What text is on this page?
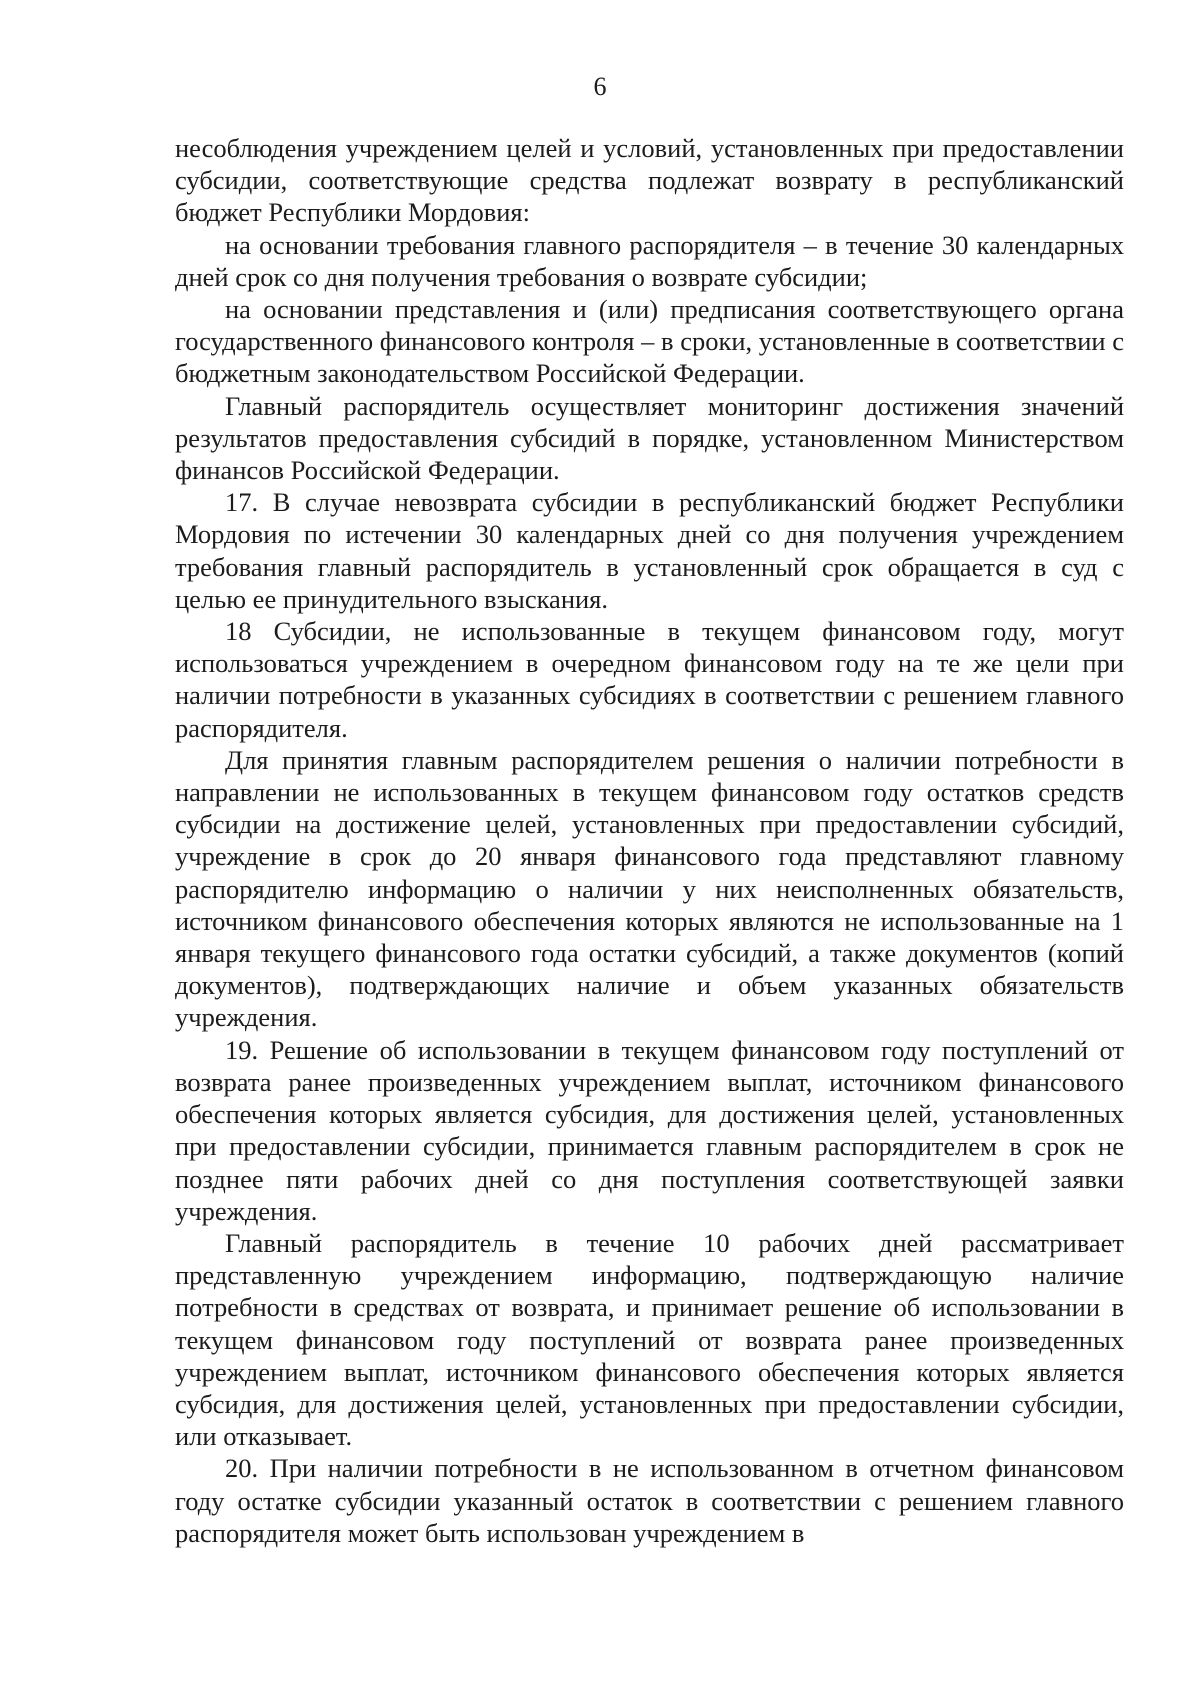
6

несоблюдения учреждением целей и условий, установленных при предоставлении субсидии, соответствующие средства подлежат возврату в республиканский бюджет Республики Мордовия:

на основании требования главного распорядителя – в течение 30 календарных дней срок со дня получения требования о возврате субсидии;

на основании представления и (или) предписания соответствующего органа государственного финансового контроля – в сроки, установленные в соответствии с бюджетным законодательством Российской Федерации.

Главный распорядитель осуществляет мониторинг достижения значений результатов предоставления субсидий в порядке, установленном Министерством финансов Российской Федерации.

17. В случае невозврата субсидии в республиканский бюджет Республики Мордовия по истечении 30 календарных дней со дня получения учреждением требования главный распорядитель в установленный срок обращается в суд с целью ее принудительного взыскания.

18 Субсидии, не использованные в текущем финансовом году, могут использоваться учреждением в очередном финансовом году на те же цели при наличии потребности в указанных субсидиях в соответствии с решением главного распорядителя.

Для принятия главным распорядителем решения о наличии потребности в направлении не использованных в текущем финансовом году остатков средств субсидии на достижение целей, установленных при предоставлении субсидий, учреждение в срок до 20 января финансового года представляют главному распорядителю информацию о наличии у них неисполненных обязательств, источником финансового обеспечения которых являются не использованные на 1 января текущего финансового года остатки субсидий, а также документов (копий документов), подтверждающих наличие и объем указанных обязательств учреждения.

19. Решение об использовании в текущем финансовом году поступлений от возврата ранее произведенных учреждением выплат, источником финансового обеспечения которых является субсидия, для достижения целей, установленных при предоставлении субсидии, принимается главным распорядителем в срок не позднее пяти рабочих дней со дня поступления соответствующей заявки учреждения.

Главный распорядитель в течение 10 рабочих дней рассматривает представленную учреждением информацию, подтверждающую наличие потребности в средствах от возврата, и принимает решение об использовании в текущем финансовом году поступлений от возврата ранее произведенных учреждением выплат, источником финансового обеспечения которых является субсидия, для достижения целей, установленных при предоставлении субсидии, или отказывает.

20. При наличии потребности в не использованном в отчетном финансовом году остатке субсидии указанный остаток в соответствии с решением главного распорядителя может быть использован учреждением в
